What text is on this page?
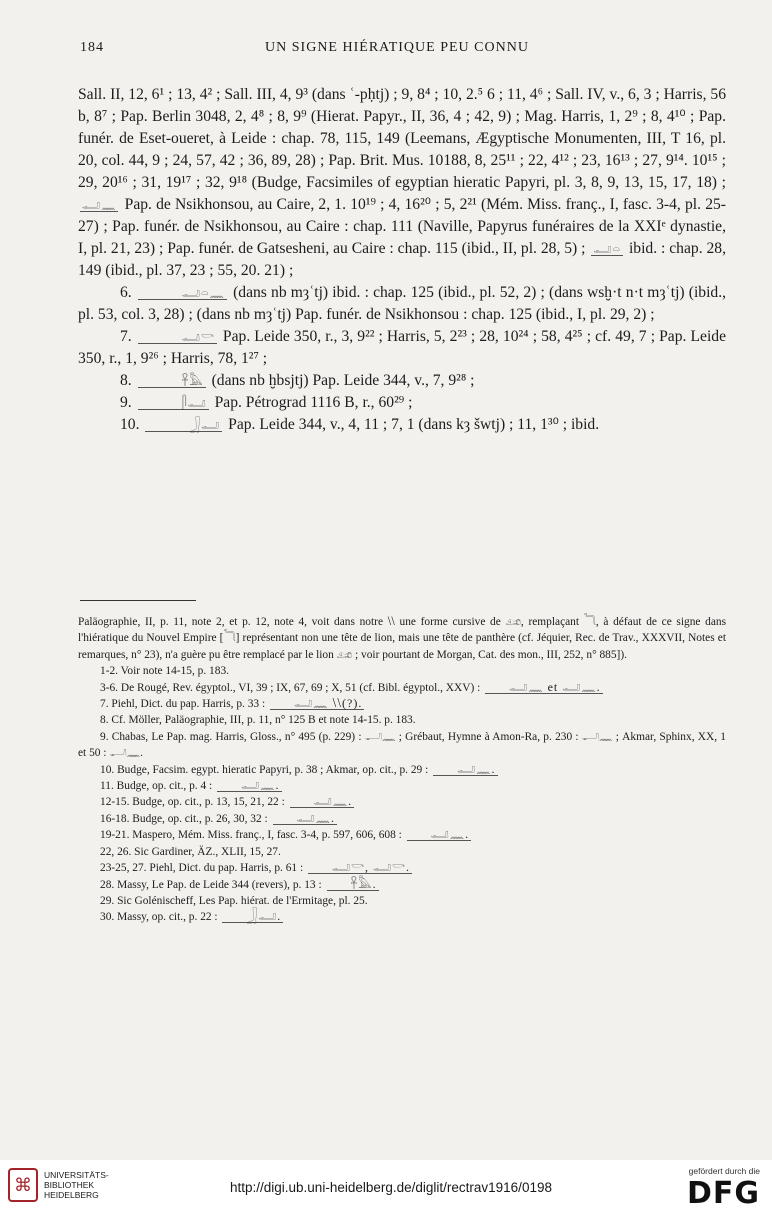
184	UN SIGNE HIÉRATIQUE PEU CONNU

Sall. II, 12, 6¹ ; 13, 4² ; Sall. III, 4, 9³ (dans ʿ-pḥtj) ; 9, 8⁴ ; 10, 2.⁵ 6 ; 11, 4⁶ ; Sall. IV, v., 6, 3 ; Harris, 56 b, 8⁷ ; Pap. Berlin 3048, 2, 4⁸ ; 8, 9⁹ (Hierat. Papyr., II, 36, 4 ; 42, 9) ; Mag. Harris, 1, 2⁹ ; 8, 4¹⁰ ; Pap. funér. de Eset-oueret, à Leide : chap. 78, 115, 149 (Leemans, Ægyptische Monumenten, III, T 16, pl. 20, col. 44, 9 ; 24, 57, 42 ; 36, 89, 28) ; Pap. Brit. Mus. 10188, 8, 25¹¹ ; 22, 4¹² ; 23, 16¹³ ; 27, 9¹⁴. 10¹⁵ ; 29, 20¹⁶ ; 31, 19¹⁷ ; 32, 9¹⁸ (Budge, Facsimiles of egyptian hieratic Papyri, pl. 3, 8, 9, 13, 15, 17, 18) ; 𓂝𓈖 Pap. de Nsikhonsou, au Caire, 2, 1. 10¹⁹ ; 4, 16²⁰ ; 5, 2²¹ (Mém. Miss. franç., I, fasc. 3-4, pl. 25-27) ; Pap. funér. de Nsikhonsou, au Caire : chap. 111 (Naville, Papyrus funéraires de la XXIᵉ dynastie, I, pl. 21, 23) ; Pap. funér. de Gatsesheni, au Caire : chap. 115 (ibid., II, pl. 28, 5) ; 𓂝𓏏 ibid. : chap. 28, 149 (ibid., pl. 37, 23 ; 55, 20. 21) ;

6.	𓂝𓏏𓈖 (dans nb mȝʿtj) ibid. : chap. 125 (ibid., pl. 52, 2) ; (dans wsḫ·t n·t mȝʿtj) (ibid., pl. 53, col. 3, 28) ; (dans nb mȝʿtj) Pap. funér. de Nsikhonsou : chap. 125 (ibid., I, pl. 29, 2) ;

7.	𓂝𓎡 Pap. Leide 350, r., 3, 9²² ; Harris, 5, 2²³ ; 28, 10²⁴ ; 58, 4²⁵ ; cf. 49, 7 ; Pap. Leide 350, r., 1, 9²⁶ ; Harris, 78, 1²⁷ ;

8.	𓋹𓅓 (dans nb ḫbsjtj) Pap. Leide 344, v., 7, 9²⁸ ;

9.	𓋴𓂝 Pap. Pétrograd 1116 B, r., 60²⁹ ;

10.	𓃀𓂝 Pap. Leide 344, v., 4, 11 ; 7, 1 (dans kȝ šwtj) ; 11, 1³⁰ ; ibid.

Paläographie, II, p. 11, note 2, et p. 12, note 4, voit dans notre ⧵⧵ une forme cursive de 𓃭, remplaçant 𓆓, à défaut de ce signe dans l'hiératique du Nouvel Empire [𓆓] représentant non une tête de lion, mais une tête de panthère (cf. Jéquier, Rec. de Trav., XXXVII, Notes et remarques, n° 23), n'a guère pu être remplacé par le lion 𓃭 ; voir pourtant de Morgan, Cat. des mon., III, 252, n° 885]).

1-2. Voir note 14-15, p. 183.

3-6. De Rougé, Rev. égyptol., VI, 39 ; IX, 67, 69 ; X, 51 (cf. Bibl. égyptol., XXV) : 𓂝𓈖 et 𓂝𓈖.

7. Piehl, Dict. du pap. Harris, p. 33 : 𓂝𓈖 ⧵⧵(?).

8. Cf. Möller, Paläographie, III, p. 11, n° 125 B et note 14-15. p. 183.

9. Chabas, Le Pap. mag. Harris, Gloss., n° 495 (p. 229) : 𓂝𓈖 ; Grébaut, Hymne à Amon-Ra, p. 230 : 𓂝𓈖 ; Akmar, Sphinx, XX, 1 et 50 : 𓂝𓈖.

10. Budge, Facsim. egypt. hieratic Papyri, p. 38 ; Akmar, op. cit., p. 29 : 𓂝𓈖.

11. Budge, op. cit., p. 4 : 𓂝𓈖.

12-15. Budge, op. cit., p. 13, 15, 21, 22 : 𓂝𓈖.

16-18. Budge, op. cit., p. 26, 30, 32 : 𓂝𓈖.

19-21. Maspero, Mém. Miss. franç., I, fasc. 3-4, p. 597, 606, 608 : 𓂝𓈖.

22, 26. Sic Gardiner, ÄZ., XLII, 15, 27.

23-25, 27. Piehl, Dict. du pap. Harris, p. 61 : 𓂝𓎡, 𓂝𓎡.

28. Massy, Le Pap. de Leide 344 (revers), p. 13 : 𓋹𓅓.

29. Sic Golénischeff, Les Pap. hiérat. de l'Ermitage, pl. 25.

30. Massy, op. cit., p. 22 : 𓃀𓂝.

⌘	UNIVERSITÄTS-
BIBLIOTHEK
HEIDELBERG	http://digi.ub.uni-heidelberg.de/diglit/rectrav1916/0198
gefördert durch die
DFG
